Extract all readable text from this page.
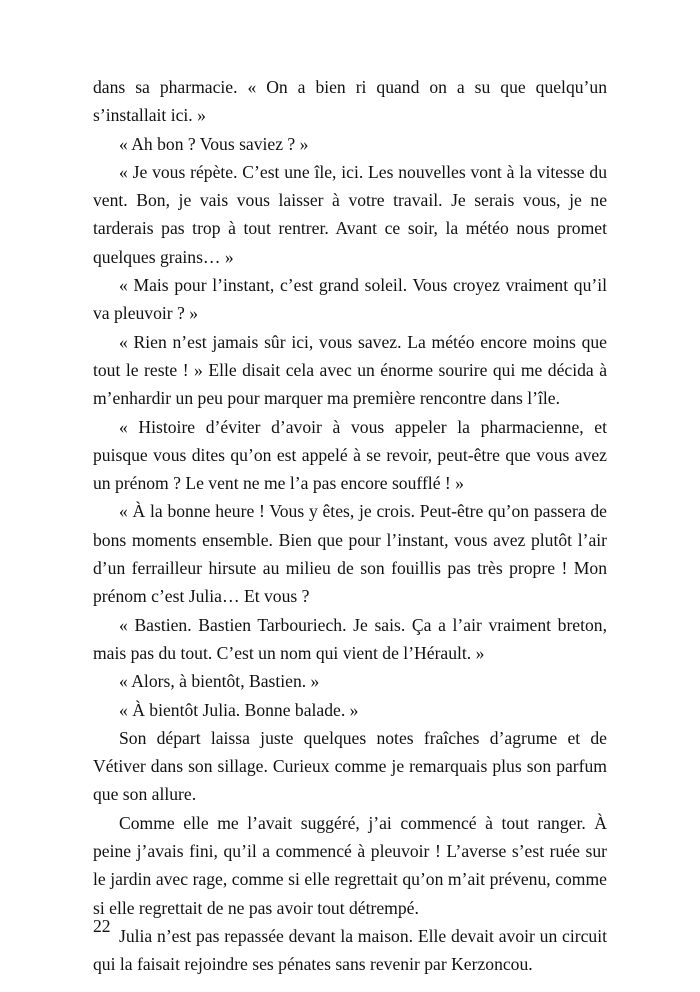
dans sa pharmacie. « On a bien ri quand on a su que quelqu’un s’installait ici. »

« Ah bon ? Vous saviez ? »

« Je vous répète. C’est une île, ici. Les nouvelles vont à la vitesse du vent. Bon, je vais vous laisser à votre travail. Je serais vous, je ne tarderais pas trop à tout rentrer. Avant ce soir, la météo nous promet quelques grains… »

« Mais pour l’instant, c’est grand soleil. Vous croyez vraiment qu’il va pleuvoir ? »

« Rien n’est jamais sûr ici, vous savez. La météo encore moins que tout le reste ! » Elle disait cela avec un énorme sourire qui me décida à m’enhardir un peu pour marquer ma première rencontre dans l’île.

« Histoire d’éviter d’avoir à vous appeler la pharmacienne, et puisque vous dites qu’on est appelé à se revoir, peut-être que vous avez un prénom ? Le vent ne me l’a pas encore soufflé ! »

« À la bonne heure ! Vous y êtes, je crois. Peut-être qu’on passera de bons moments ensemble. Bien que pour l’instant, vous avez plutôt l’air d’un ferrailleur hirsute au milieu de son fouillis pas très propre ! Mon prénom c’est Julia… Et vous ?

« Bastien. Bastien Tarbouriech. Je sais. Ça a l’air vraiment breton, mais pas du tout. C’est un nom qui vient de l’Hérault. »

« Alors, à bientôt, Bastien. »

« À bientôt Julia. Bonne balade. »

Son départ laissa juste quelques notes fraîches d’agrume et de Vétiver dans son sillage. Curieux comme je remarquais plus son parfum que son allure.

Comme elle me l’avait suggéré, j’ai commencé à tout ranger. À peine j’avais fini, qu’il a commencé à pleuvoir ! L’averse s’est ruée sur le jardin avec rage, comme si elle regrettait qu’on m’ait prévenu, comme si elle regrettait de ne pas avoir tout détrempé.

Julia n’est pas repassée devant la maison. Elle devait avoir un circuit qui la faisait rejoindre ses pénates sans revenir par Kerzoncou.

22
